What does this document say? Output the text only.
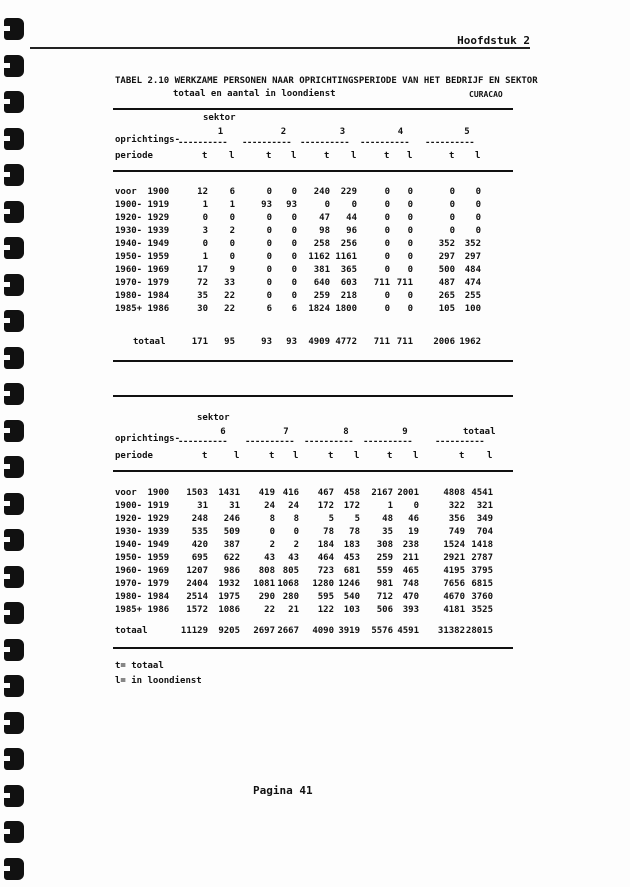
Hoofdstuk 2
TABEL 2.10 WERKZAME PERSONEN NAAR OPRICHTINGSPERIODE VAN HET BEDRIJF EN SEKTOR
totaal en aantal in loondienst	CURACAO
sektor
oprichtings-
periode
1
----------
t l
2
----------
t l
3
----------
t l
4
----------
t l
5
----------
t l
voor  1900	12	6	0	0	240	229	0	0	0	0
1900- 1919	1	1	93	93	0	0	0	0	0	0
1920- 1929	0	0	0	0	47	44	0	0	0	0
1930- 1939	3	2	0	0	98	96	0	0	0	0
1940- 1949	0	0	0	0	258	256	0	0	352	352
1950- 1959	1	0	0	0	1162 1161	0	0	297	297
1960- 1969	17	9	0	0	381	365	0	0	500	484
1970- 1979	72	33	0	0	640	603	711 711	487	474
1980- 1984	35	22	0	0	259	218	0	0	265	255
1985+ 1986	30	22	6	6	1824 1800	0	0	105	100
totaal	171	95	93	93	4909 4772	711 711	2006 1962
sektor
oprichtings-
periode
6
----------
t	l
7
----------
t l
8
----------
t l
9
----------
t l
totaal
----------
t	l
voor  1900	1503	1431	419 416	467	458	2167 2001	4808 4541
1900- 1919	31	31	24	24	172	172	1	0	322	321
1920- 1929	248	246	8	8	5	5	48	46	356	349
1930- 1939	535	509	0	0	78	78	35	19	749	704
1940- 1949	420	387	2	2	184	183	308	238	1524 1418
1950- 1959	695	622	43	43	464	453	259	211	2921 2787
1960- 1969	1207	986	808 805	723	681	559	465	4195 3795
1970- 1979	2404	1932	1081 1068	1280 1246	981	748	7656 6815
1980- 1984	2514	1975	290 280	595	540	712	470	4670 3760
1985+ 1986	1572	1086	22	21	122	103	506	393	4181 3525
totaal	11129	9205	2697 2667	4090 3919	5576 4591	31382 28015
t= totaal
l= in loondienst
Pagina 41
